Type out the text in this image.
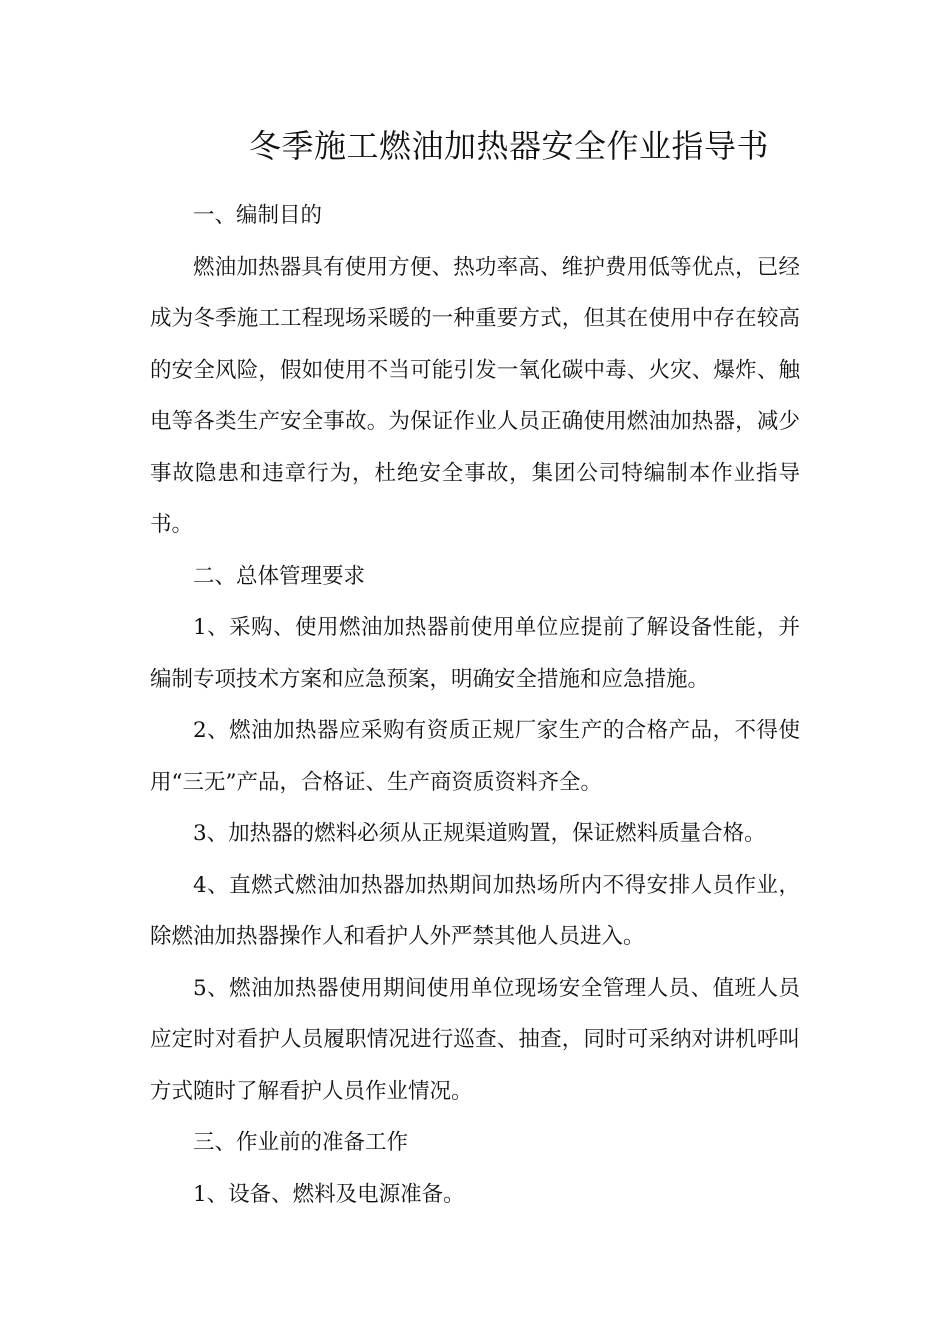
冬季施工燃油加热器安全作业指导书

一、编制目的

燃油加热器具有使用方便、热功率高、维护费用低等优点，已经成为冬季施工工程现场采暖的一种重要方式，但其在使用中存在较高的安全风险，假如使用不当可能引发一氧化碳中毒、火灾、爆炸、触电等各类生产安全事故。为保证作业人员正确使用燃油加热器，减少事故隐患和违章行为，杜绝安全事故，集团公司特编制本作业指导书。

二、总体管理要求

1、采购、使用燃油加热器前使用单位应提前了解设备性能，并编制专项技术方案和应急预案，明确安全措施和应急措施。

2、燃油加热器应采购有资质正规厂家生产的合格产品，不得使用“三无”产品，合格证、生产商资质资料齐全。

3、加热器的燃料必须从正规渠道购置，保证燃料质量合格。

4、直燃式燃油加热器加热期间加热场所内不得安排人员作业，除燃油加热器操作人和看护人外严禁其他人员进入。

5、燃油加热器使用期间使用单位现场安全管理人员、值班人员应定时对看护人员履职情况进行巡查、抽查，同时可采纳对讲机呼叫方式随时了解看护人员作业情况。

三、作业前的准备工作

1、设备、燃料及电源准备。
